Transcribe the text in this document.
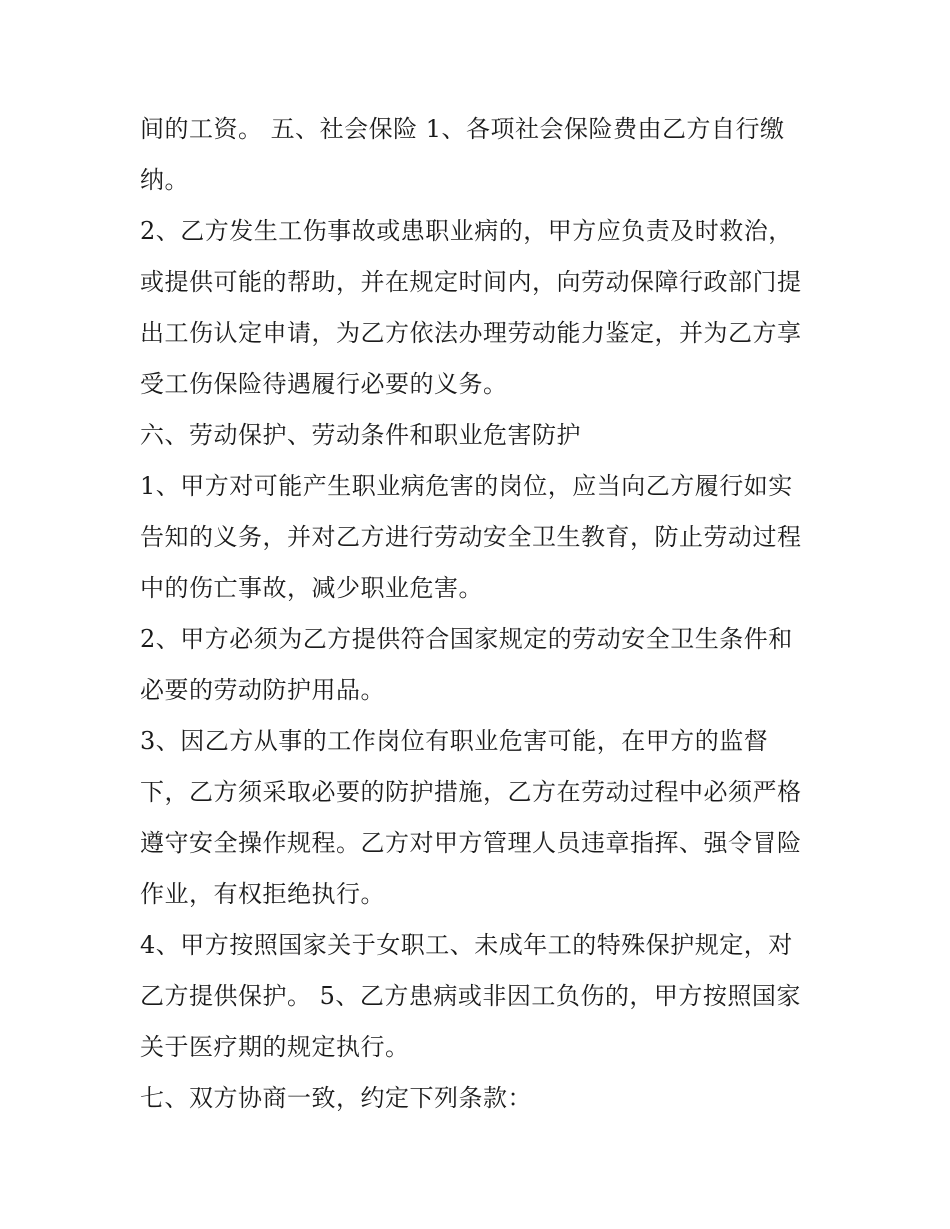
间的工资。 五、社会保险 1、各项社会保险费由乙方自行缴
纳。
2、乙方发生工伤事故或患职业病的，甲方应负责及时救治，
或提供可能的帮助，并在规定时间内，向劳动保障行政部门提
出工伤认定申请，为乙方依法办理劳动能力鉴定，并为乙方享
受工伤保险待遇履行必要的义务。
六、劳动保护、劳动条件和职业危害防护
1、甲方对可能产生职业病危害的岗位，应当向乙方履行如实
告知的义务，并对乙方进行劳动安全卫生教育，防止劳动过程
中的伤亡事故，减少职业危害。
2、甲方必须为乙方提供符合国家规定的劳动安全卫生条件和
必要的劳动防护用品。
3、因乙方从事的工作岗位有职业危害可能，在甲方的监督
下，乙方须采取必要的防护措施，乙方在劳动过程中必须严格
遵守安全操作规程。乙方对甲方管理人员违章指挥、强令冒险
作业，有权拒绝执行。
4、甲方按照国家关于女职工、未成年工的特殊保护规定，对
乙方提供保护。 5、乙方患病或非因工负伤的，甲方按照国家
关于医疗期的规定执行。
七、双方协商一致，约定下列条款：
